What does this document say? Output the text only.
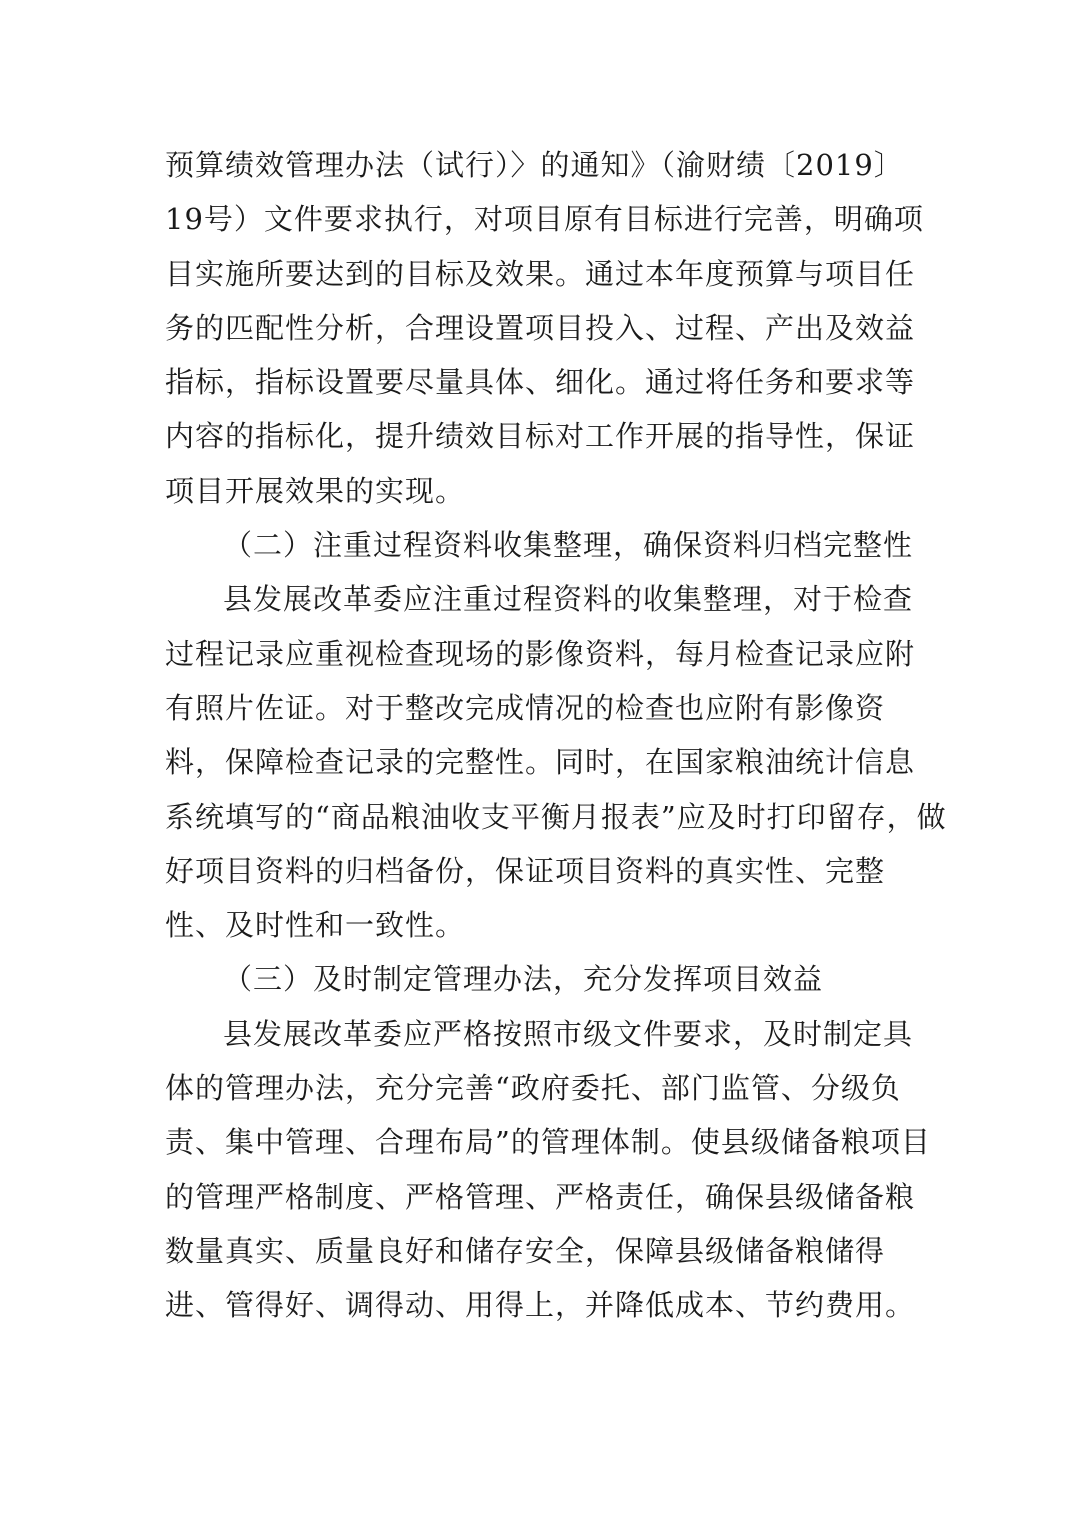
预算绩效管理办法（试行）〉的通知》（渝财绩〔2019〕
19号）文件要求执行，对项目原有目标进行完善，明确项
目实施所要达到的目标及效果。通过本年度预算与项目任
务的匹配性分析，合理设置项目投入、过程、产出及效益
指标，指标设置要尽量具体、细化。通过将任务和要求等
内容的指标化，提升绩效目标对工作开展的指导性，保证
项目开展效果的实现。
（二）注重过程资料收集整理，确保资料归档完整性
县发展改革委应注重过程资料的收集整理，对于检查
过程记录应重视检查现场的影像资料，每月检查记录应附
有照片佐证。对于整改完成情况的检查也应附有影像资
料，保障检查记录的完整性。同时，在国家粮油统计信息
系统填写的“商品粮油收支平衡月报表”应及时打印留存，做
好项目资料的归档备份，保证项目资料的真实性、完整
性、及时性和一致性。
（三）及时制定管理办法，充分发挥项目效益
县发展改革委应严格按照市级文件要求，及时制定具
体的管理办法，充分完善“政府委托、部门监管、分级负
责、集中管理、合理布局”的管理体制。使县级储备粮项目
的管理严格制度、严格管理、严格责任，确保县级储备粮
数量真实、质量良好和储存安全，保障县级储备粮储得
进、管得好、调得动、用得上，并降低成本、节约费用。
